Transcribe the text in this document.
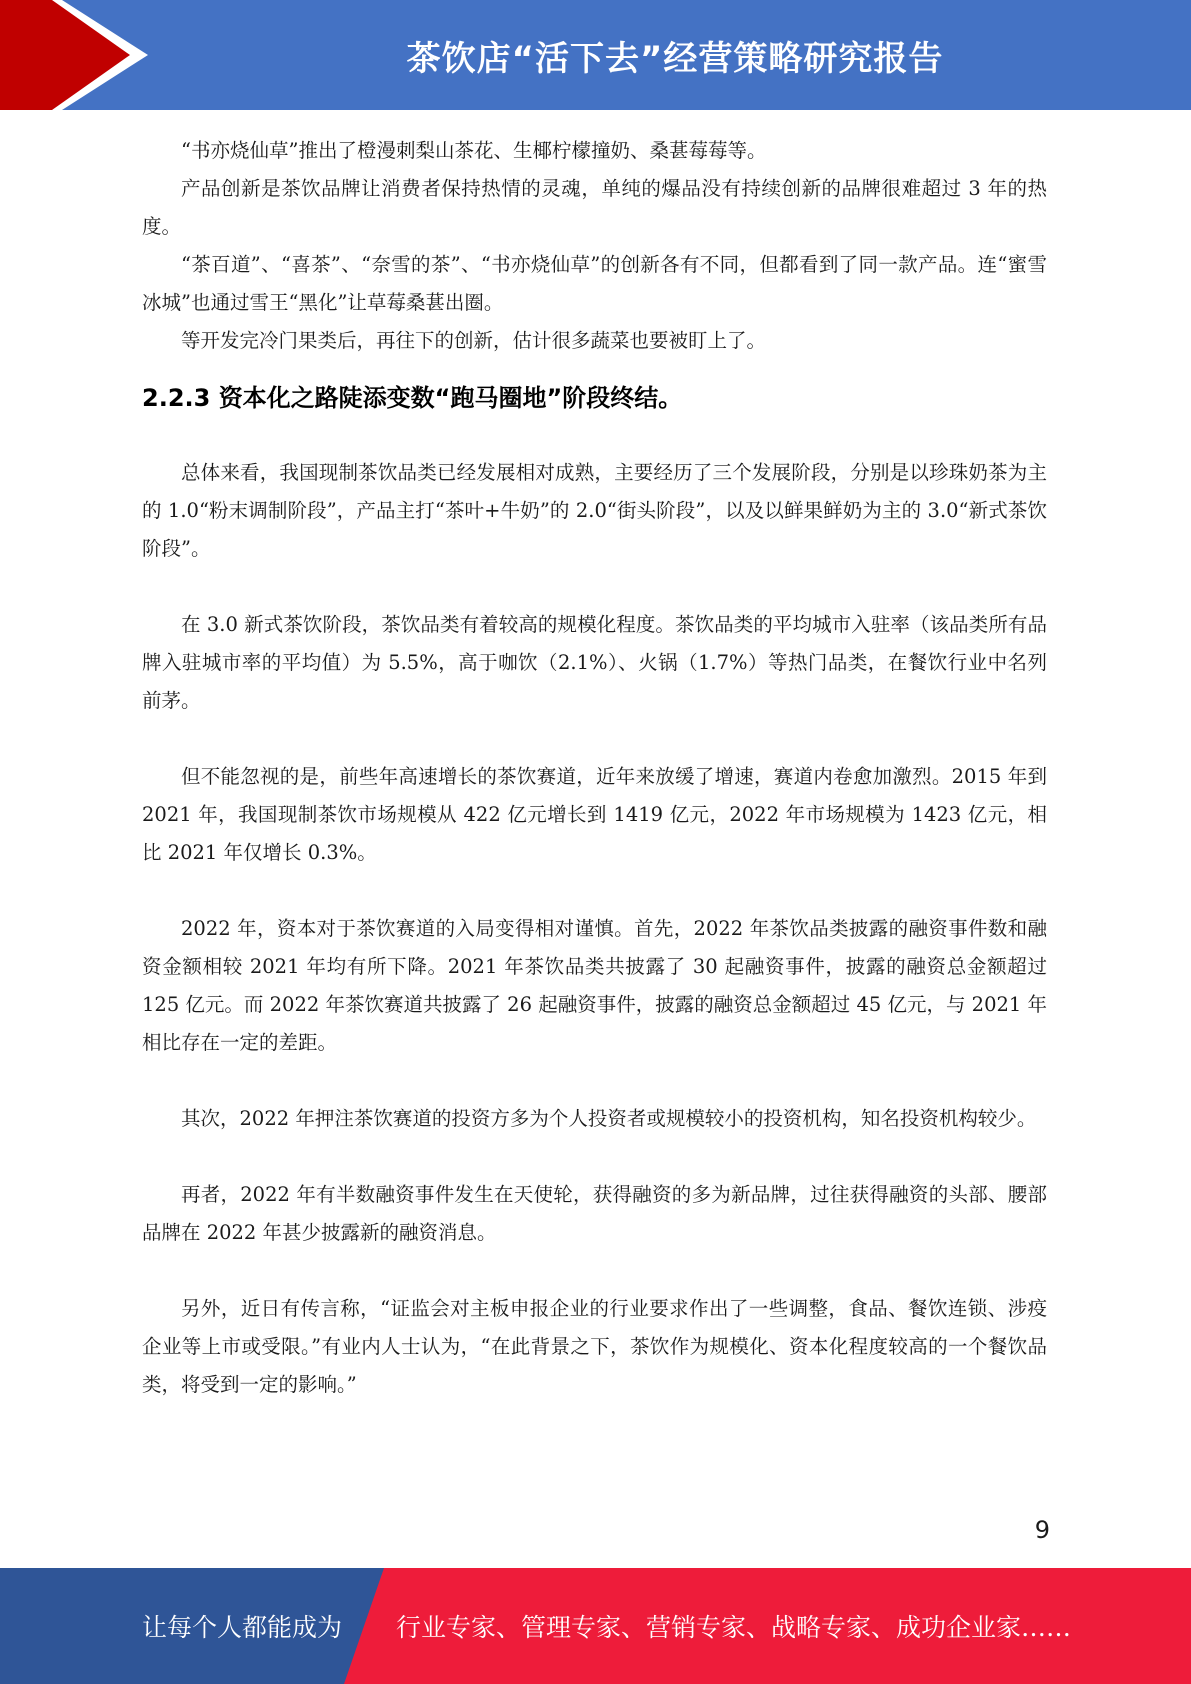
茶饮店“活下去”经营策略研究报告

“书亦烧仙草”推出了橙漫刺梨山茶花、生椰柠檬撞奶、桑葚莓莓等。

产品创新是茶饮品牌让消费者保持热情的灵魂，单纯的爆品没有持续创新的品牌很难超过 3 年的热度。

“茶百道”、“喜茶”、“奈雪的茶”、“书亦烧仙草”的创新各有不同，但都看到了同一款产品。连“蜜雪冰城”也通过雪王“黑化”让草莓桑葚出圈。

等开发完冷门果类后，再往下的创新，估计很多蔬菜也要被盯上了。

2.2.3 资本化之路陡添变数“跑马圈地”阶段终结。

总体来看，我国现制茶饮品类已经发展相对成熟，主要经历了三个发展阶段，分别是以珍珠奶茶为主的 1.0“粉末调制阶段”，产品主打“茶叶+牛奶”的 2.0“街头阶段”，以及以鲜果鲜奶为主的 3.0“新式茶饮阶段”。

在 3.0 新式茶饮阶段，茶饮品类有着较高的规模化程度。茶饮品类的平均城市入驻率（该品类所有品牌入驻城市率的平均值）为 5.5%，高于咖饮（2.1%）、火锅（1.7%）等热门品类，在餐饮行业中名列前茅。

但不能忽视的是，前些年高速增长的茶饮赛道，近年来放缓了增速，赛道内卷愈加激烈。2015 年到 2021 年，我国现制茶饮市场规模从 422 亿元增长到 1419 亿元，2022 年市场规模为 1423 亿元，相比 2021 年仅增长 0.3%。

2022 年，资本对于茶饮赛道的入局变得相对谨慎。首先，2022 年茶饮品类披露的融资事件数和融资金额相较 2021 年均有所下降。2021 年茶饮品类共披露了 30 起融资事件，披露的融资总金额超过 125 亿元。而 2022 年茶饮赛道共披露了 26 起融资事件，披露的融资总金额超过 45 亿元，与 2021 年相比存在一定的差距。

其次，2022 年押注茶饮赛道的投资方多为个人投资者或规模较小的投资机构，知名投资机构较少。

再者，2022 年有半数融资事件发生在天使轮，获得融资的多为新品牌，过往获得融资的头部、腰部品牌在 2022 年甚少披露新的融资消息。

另外，近日有传言称，“证监会对主板申报企业的行业要求作出了一些调整，食品、餐饮连锁、涉疫企业等上市或受限。”有业内人士认为，“在此背景之下，茶饮作为规模化、资本化程度较高的一个餐饮品类，将受到一定的影响。”

9
让每个人都能成为 行业专家、管理专家、营销专家、战略专家、成功企业家……
